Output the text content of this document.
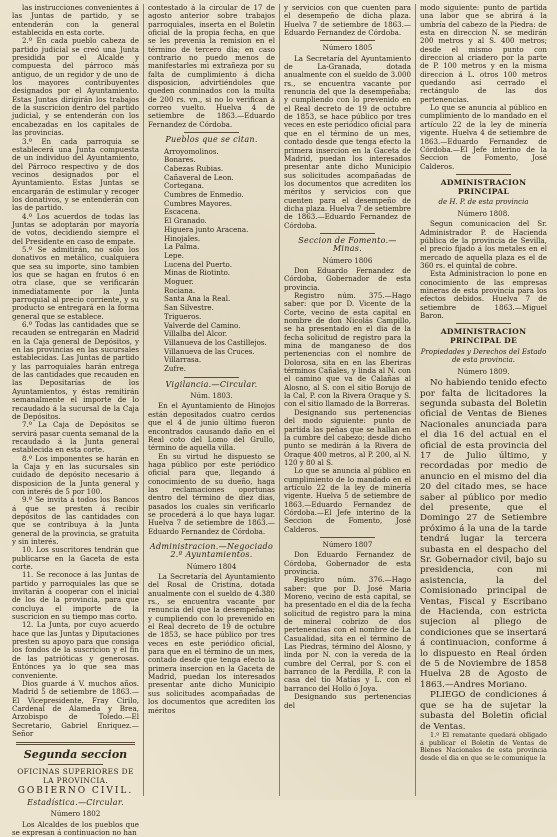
las instrucciones convenientes á las Juntas de partido, y se entenderán con la general establecida en esta corte.

2.º En cada pueblo cabeza de partido judicial se creó una Junta presidida por el Alcalde y compuesta del párroco más antiguo, de un regidor y de uno de los mayores contribuyentes designados por el Ayuntamiento. Estas Juntas dirigirán los trabajos de la suscricion dentro del partido judicial, y se entenderán con los encabezadas en los capitales de las provincias.

3.º En cada parroquia se establecerá una Junta compuesta de un individuo del Ayuntamiento, del Párroco respectivo y de dos vecinos designados por el Ayuntamiento. Estas Juntas se encargarán de estimular y recoger los donativos, y se entenderán con las de partido.

4.º Los acuerdos de todas las Juntas se adoptarán por mayoría de votos, decidiendo siempre el del Presidente en caso de empate.

5.º Se admitirán, no sólo los donativos en metálico, cualquiera que sea su importe, sino tambien los que se hagan en frutos ó en otra clase, que se verificarán inmediatamente por la Junta parroquial al precio corriente, y su producto se entregará en la forma general que se establece.

6.º Todas las cantidades que se recauden se entregarán en Madrid en la Caja general de Depósitos, y en las provincias en las sucursales establecidas. Las Juntas de partido y las parroquiales harán entrega de las cantidades que recauden en las Depositarías de los Ayuntamientos, y éstas remitirán semanalmente el importe de lo recaudado á la sucursal de la Caja de Depósitos.

7.º La Caja de Depósitos se servirá pasar cuenta semanal de la recaudado á la Junta general establecida en esta corte.

8.º Los imponentes se harán en la Caja y en las sucursales sin cuidado de depósito necesario á disposicion de la Junta general y con interés de 5 por 100.

9.º Se invita á todos los Bancos á que se presten á recibir depósitos de las cantidades con que se contribuya á la Junta general de la provincia, se gratuita y sin interés.

10. Los suscritores tendrán que publicarse en la Gaceta de esta corte.

11. Se reconoce á las Juntas de partido y parroquiales las que se invitarán á cooperar con el inicial de los de la provincia, para que concluya el importe de la suscricion en su tiempo mas corto.

12. La Junta, por cuyo acuerdo hace que las Juntas y Diputaciones presten su apoyo para que consiga los fondos de la suscricion y el fin de las patrióticas y generosas. Entónces ya lo que sea mas conveniente.

Dios guarde á V. muchos años. Madrid 5 de setiembre de 1863.—El Vicepresidente, Fray Cirilo, Cardenal de Alameda y Brea, Arzobispo de Toledo.—El Secretario, Gabriel Enriquez.—Señor

Segunda seccion
OFICINAS SUPERIORES DE LA PROVINCIA.
GOBIERNO CIVIL.
Estadística.—Circular.
Número 1802

Los Alcaldes de los pueblos que se expresan á continuacion no han

contestado á la circular de 17 de agosto anterior sobre trabajos parroquiales, inserta en el Boletin oficial de la propia fecha, en que se les prevenia la remision en el término de tercero dia; en caso contrario no puedo menos de manifestarles mi extrañeza por su falta de cumplimiento á dicha disposicion, advirtiéndoles que queden conminados con la multa de 200 rs. vn., si no lo verifican á correo vuelto. Huelva 4 de setiembre de 1863.—Eduardo Fernandez de Córdoba.

Pueblos que se citan.
Arroyomolinos.
Bonares.
Cabezas Rubias.
Cañaveral de Leon.
Cortegana.
Cumbres de Enmedio.
Cumbres Mayores.
Escacena.
El Granado.
Higuera junto Aracena.
Hinojales.
La Palma.
Lepe.
Lucena del Puerto.
Minas de Riotinto.
Moguer.
Rociana.
Santa Ana la Real.
San Silvestre.
Trigueros.
Valverde del Camino.
Villalba del Alcor.
Villanueva de los Castillejos.
Villanueva de las Cruces.
Villarrasa.
Zufre.
Vigilancia.—Circular.
Núm. 1803.

En el Ayuntamiento de Hinojos están depositados cuatro cerdos que el 4 de junio último fueron encontrados causando daño en el Real coto del Lomo del Grullo, término de aquella villa.

En su virtud he dispuesto se haga público por este periódico oficial para que, llegando á conocimiento de su dueño, haga las reclamaciones oportunas dentro del término de diez dias, pasados los cuales sin verificarlo se procederá á lo que haya lugar. Huelva 7 de setiembre de 1863.—Eduardo Fernandez de Córdoba.

Administracion.—Negociado 2.º Ayuntamientos.
Número 1804

La Secretaría del Ayuntamiento del Rosal de Cristina, dotada anualmente con el sueldo de 4.380 rs., se encuentra vacante por renuncia del que la desempeñaba; y cumpliendo con lo prevenido en el Real decreto de 19 de octubre de 1853, se hace público por tres veces en este periódico oficial, para que en el término de un mes, contado desde que tenga efecto la primera insercion en la Gaceta de Madrid, puedan los interesados presentar ante dicho Municipio sus solicitudes acompañadas de los documentos que acrediten los méritos

y servicios con que cuenten para el desempeño de dicha plaza. Huelva 7 de setiembre de 1863.—Eduardo Fernandez de Córdoba.

Número 1805

La Secretaría del Ayuntamiento de La-Granada, dotada anualmente con el sueldo de 3.000 rs., se encuentra vacante por renuncia del que la desempeñaba; y cumpliendo con lo prevenido en el Real decreto de 19 de octubre de 1853, se hace público por tres veces en este periódico oficial para que en el término de un mes, contado desde que tenga efecto la primera insercion en la Gaceta de Madrid, puedan los interesados presentar ante dicho Municipio sus solicitudes acompañadas de los documentos que acrediten los méritos y servicios con que cuenten para el desempeño de dicha plaza. Huelva 7 de setiembre de 1863.—Eduardo Fernandez de Córdoba.

Seccion de Fomento.—Minas.
Número 1806

Don Eduardo Fernandez de Córdoba, Gobernador de esta provincia.

Registro núm. 375.—Hago saber: que por D. Vicente de la Corte, vecino de esta capital en nombre de don Nicolás Campillo, se ha presentado en el dia de la fecha solicitud de registro para la mina de manganeso de dos pertenencias con el nombre de Dolorosa, sita en en las Eberiras términos Cañales, y linda al N. con el camino que va de Calañas al Alosno, al S. con el sitio Borujo de la Cal, P. con la Rivera Oraque y S. con el sitio llamado de la Borreras.

Designando sus pertenencias del modo siguiente: punto de partida las peñas que se hallan en la cumbre del cabezo; desde dicho punto se medirán á la Rivera de Oraque 400 metros, al P. 200, al N. 120 y 80 al S.

Lo que se anuncia al público en cumplimiento de lo mandado en el artículo 22 de la ley de minería vigente. Huelva 5 de setiembre de 1863.—Eduardo Fernandez de Córdoba.—El Jefe interino de la Seccion de Fomento, José Calderos.

Número 1807

Don Eduardo Fernandez de Córdoba, Gobernador de esta provincia.

Registro núm. 376.—Hago saber: que por D. José Maria Moreno, vecino de esta capital, se ha presentado en el dia de la fecha solicitud de registro para la mina de mineral cobrizo de dos pertenencias con el nombre de La Casualidad, sita en el término de Las Piedras, término del Alosno, y linda por N. con la vereda de la cumbre del Cerral, por S. con el barranco de la Perdilla, P. con la casa del tío Matías y L. con el barranco del Hollo ó Joya.

Designando sus pertenencias del

modo siguiente: punto de partida una labor que se abrirá á la umbría del cabezo de la Piedra: de esta en direccion N. se medirán 200 metros y al S. 400 metros; desde el mismo punto con direccion al criadero por la parte de P. 100 metros y en la misma direccion á L. otros 100 metros quedando así cerrado el rectángulo de las dos pertenencias.

Lo que se anuncia al público en cumplimiento de lo mandado en el artículo 22 de la ley de minería vigente. Huelva 4 de setiembre de 1863.—Eduardo Fernandez de Córdoba.—El Jefe interino de la Seccion de Fomento, José Calderos.

ADMINISTRACION PRINCIPAL
de H. P. de esta provincia
Número 1808.

Segun comunicacion del Sr. Administrador P. de Hacienda pública de la provincia de Sevilla, el precio fijado á los metales en el mercado de aquella plaza es el de 360 rs. el quintal de cobre.

Esta Administracion lo pone en conocimiento de las empresas mineras de esta provincia para los efectos debidos. Huelva 7 de setiembre de 1863.—Miguel Baron.

ADMINISTRACION PRINCIPAL DE
Propiedades y Derechos del Estado de esta provincia.
Número 1809.

No habiendo tenido efecto por falta de licitadores la segunda subasta del Boletin oficial de Ventas de Bienes Nacionales anunciada para el dia 16 del actual en el oficial de esta provincia del 17 de Julio último, y recordadas por medio de anuncio en el mismo del dia 20 del citado mes, se hace saber al público por medio del presente, que el Domingo 27 de Setiembre próximo á la una de la tarde tendrá lugar la tercera subasta en el despacho del Sr. Gobernador civil, bajo su presidencia, con mi asistencia, la del Comisionado principal de Ventas, Fiscal y Escribano de Hacienda, con estricta sujecion al pliego de condiciones que se insertará á continuacion, conforme á lo dispuesto en Real órden de 5 de Noviembre de 1858 Huelva 28 de Agosto de 1863.—Andres Moriano.

PLIEGO de condiciones á que se ha de sujetar la subasta del Boletin oficial de Ventas.

1.º El rematante quedará obligado á publicar el Boletin de Ventas de Bienes Nacionales de esta provincia desde el dia en que se le comunique la
